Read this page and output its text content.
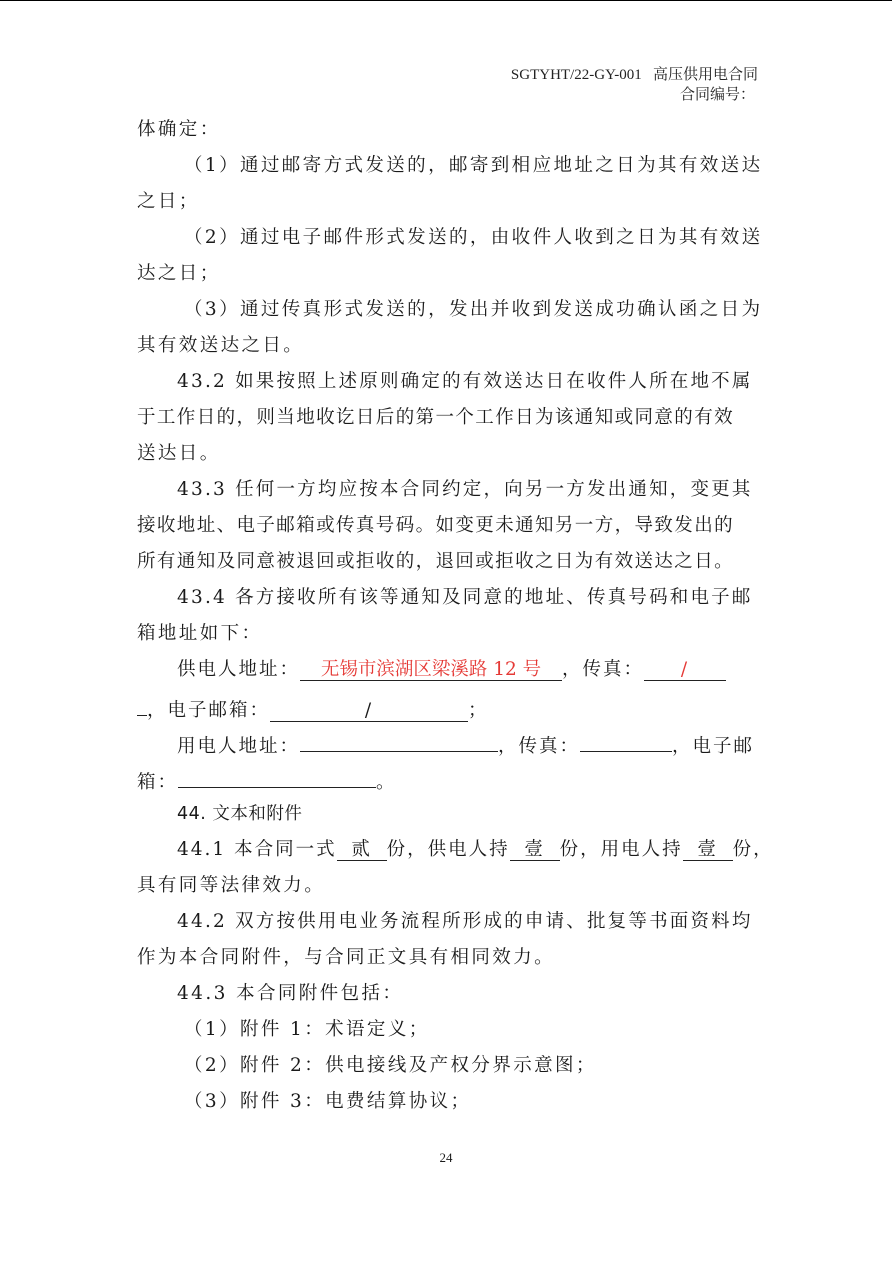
SGTYHT/22-GY-001 高压供用电合同
合同编号：
体确定：
（1）通过邮寄方式发送的，邮寄到相应地址之日为其有效送达
之日；
（2）通过电子邮件形式发送的，由收件人收到之日为其有效送
达之日；
（3）通过传真形式发送的，发出并收到发送成功确认函之日为
其有效送达之日。
43.2 如果按照上述原则确定的有效送达日在收件人所在地不属
于工作日的，则当地收讫日后的第一个工作日为该通知或同意的有效
送达日。
43.3 任何一方均应按本合同约定，向另一方发出通知，变更其
接收地址、电子邮箱或传真号码。如变更未通知另一方，导致发出的
所有通知及同意被退回或拒收的，退回或拒收之日为有效送达之日。
43.4 各方接收所有该等通知及同意的地址、传真号码和电子邮
箱地址如下：
供电人地址： 无锡市滨湖区梁溪路 12 号 ，传真： /
，电子邮箱：	/	；
用电人地址：	，传真：	，电子邮
箱：	。
44. 文本和附件
44.1 本合同一式 贰 份，供电人持 壹 份，用电人持 壹 份，
具有同等法律效力。
44.2 双方按供用电业务流程所形成的申请、批复等书面资料均
作为本合同附件，与合同正文具有相同效力。
44.3 本合同附件包括：
（1）附件 1：术语定义；
（2）附件 2：供电接线及产权分界示意图；
（3）附件 3：电费结算协议；
24
